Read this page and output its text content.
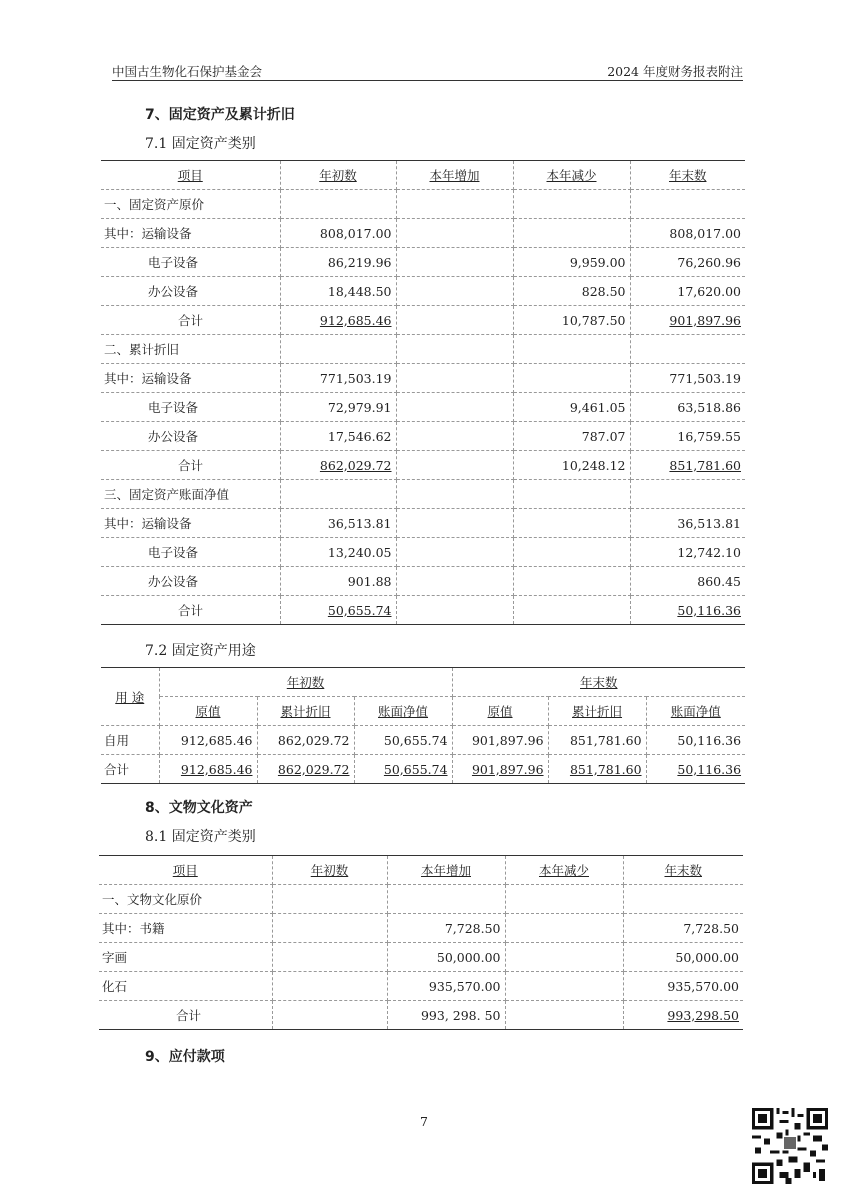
中国古生物化石保护基金会	2024 年度财务报表附注
7、固定资产及累计折旧
7.1 固定资产类别
项目	年初数	本年增加	本年减少	年末数
一、固定资产原价				
其中：运输设备	808,017.00			808,017.00
电子设备	86,219.96		9,959.00	76,260.96
办公设备	18,448.50		828.50	17,620.00
合计	912,685.46		10,787.50	901,897.96
二、累计折旧				
其中：运输设备	771,503.19			771,503.19
电子设备	72,979.91		9,461.05	63,518.86
办公设备	17,546.62		787.07	16,759.55
合计	862,029.72		10,248.12	851,781.60
三、固定资产账面净值				
其中：运输设备	36,513.81			36,513.81
电子设备	13,240.05			12,742.10
办公设备	901.88			860.45
合计	50,655.74			50,116.36
7.2 固定资产用途
用 途	年初数			年末数		
	原值	累计折旧	账面净值	原值	累计折旧	账面净值
自用	912,685.46	862,029.72	50,655.74	901,897.96	851,781.60	50,116.36
合计	912,685.46	862,029.72	50,655.74	901,897.96	851,781.60	50,116.36
8、文物文化资产
8.1 固定资产类别
项目	年初数	本年增加	本年减少	年末数
一、文物文化原价				
其中：书籍		7,728.50		7,728.50
字画		50,000.00		50,000.00
化石		935,570.00		935,570.00
合计		993, 298. 50		993,298.50
9、应付款项
7
